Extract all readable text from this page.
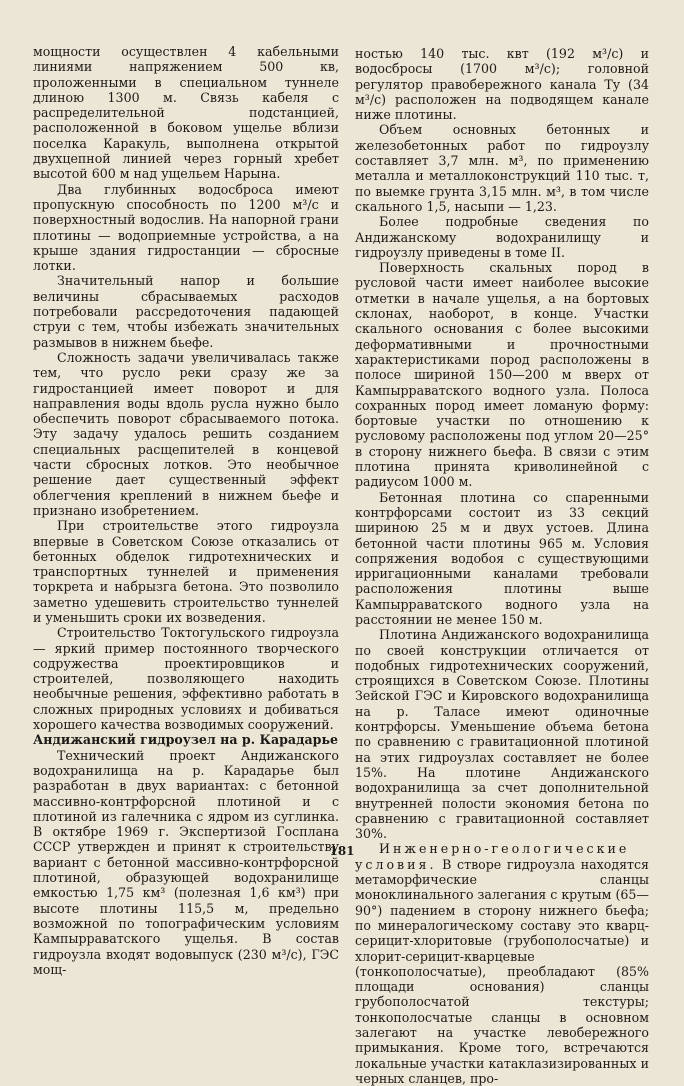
мощности осуществлен 4 кабельными линиями напряжением 500 кв, проложенными в специальном туннеле длиною 1300 м. Связь кабеля с распределительной подстанцией, расположенной в боковом ущелье вблизи поселка Каракуль, выполнена открытой двухцепной линией через горный хребет высотой 600 м над ущельем Нарына.

Два глубинных водосброса имеют пропускную способность по 1200 м³/с и поверхностный водослив. На напорной грани плотины — водоприемные устройства, а на крыше здания гидростанции — сбросные лотки.

Значительный напор и большие величины сбрасываемых расходов потребовали рассредоточения падающей струи с тем, чтобы избежать значительных размывов в нижнем бьефе.

Сложность задачи увеличивалась также тем, что русло реки сразу же за гидростанцией имеет поворот и для направления воды вдоль русла нужно было обеспечить поворот сбрасываемого потока. Эту задачу удалось решить созданием специальных расщепителей в концевой части сбросных лотков. Это необычное решение дает существенный эффект облегчения креплений в нижнем бьефе и признано изобретением.

При строительстве этого гидроузла впервые в Советском Союзе отказались от бетонных обделок гидротехнических и транспортных туннелей и применения торкрета и набрызга бетона. Это позволило заметно удешевить строительство туннелей и уменьшить сроки их возведения.

Строительство Токтогульского гидроузла — яркий пример постоянного творческого содружества проектировщиков и строителей, позволяющего находить необычные решения, эффективно работать в сложных природных условиях и добиваться хорошего качества возводимых сооружений.

Андижанский гидроузел на р. Карадарье

Технический проект Андижанского водохранилища на р. Карадарье был разработан в двух вариантах: с бетонной массивно-контрфорсной плотиной и с плотиной из галечника с ядром из суглинка. В октябре 1969 г. Экспертизой Госплана СССР утвержден и принят к строительству вариант с бетонной массивно-контрфорсной плотиной, образующей водохранилище емкостью 1,75 км³ (полезная 1,6 км³) при высоте плотины 115,5 м, предельно возможной по топографическим условиям Кампырраватского ущелья. В состав гидроузла входят водовыпуск (230 м³/с), ГЭС мощ-

ностью 140 тыс. квт (192 м³/с) и водосбросы (1700 м³/с); головной регулятор правобережного канала Ту (34 м³/с) расположен на подводящем канале ниже плотины.

Объем основных бетонных и железобетонных работ по гидроузлу составляет 3,7 млн. м³, по применению металла и металлоконструкций 110 тыс. т, по выемке грунта 3,15 млн. м³, в том числе скального 1,5, насыпи — 1,23.

Более подробные сведения по Андижанскому водохранилищу и гидроузлу приведены в томе II.

Поверхность скальных пород в русловой части имеет наиболее высокие отметки в начале ущелья, а на бортовых склонах, наоборот, в конце. Участки скального основания с более высокими деформативными и прочностными характеристиками пород расположены в полосе шириной 150—200 м вверх от Кампырраватского водного узла. Полоса сохранных пород имеет ломаную форму: бортовые участки по отношению к русловому расположены под углом 20—25° в сторону нижнего бьефа. В связи с этим плотина принята криволинейной с радиусом 1000 м.

Бетонная плотина со спаренными контрфорсами состоит из 33 секций шириною 25 м и двух устоев. Длина бетонной части плотины 965 м. Условия сопряжения водобоя с существующими ирригационными каналами требовали расположения плотины выше Кампырраватского водного узла на расстоянии не менее 150 м.

Плотина Андижанского водохранилища по своей конструкции отличается от подобных гидротехнических сооружений, строящихся в Советском Союзе. Плотины Зейской ГЭС и Кировского водохранилища на р. Таласе имеют одиночные контрфорсы. Уменьшение объема бетона по сравнению с гравитационной плотиной на этих гидроузлах составляет не более 15%. На плотине Андижанского водохранилища за счет дополнительной внутренней полости экономия бетона по сравнению с гравитационной составляет 30%.

Инженерно-геологические условия. В створе гидроузла находятся метаморфические сланцы моноклинального залегания с крутым (65—90°) падением в сторону нижнего бьефа; по минералогическому составу это кварц-серицит-хлоритовые (грубополосчатые) и хлорит-серицит-кварцевые (тонкополосчатые), преобладают (85% площади основания) сланцы грубополосчатой текстуры; тонкополосчатые сланцы в основном залегают на участке левобережного примыкания. Кроме того, встречаются локальные участки катаклазизированных и черных сланцев, про-

181
